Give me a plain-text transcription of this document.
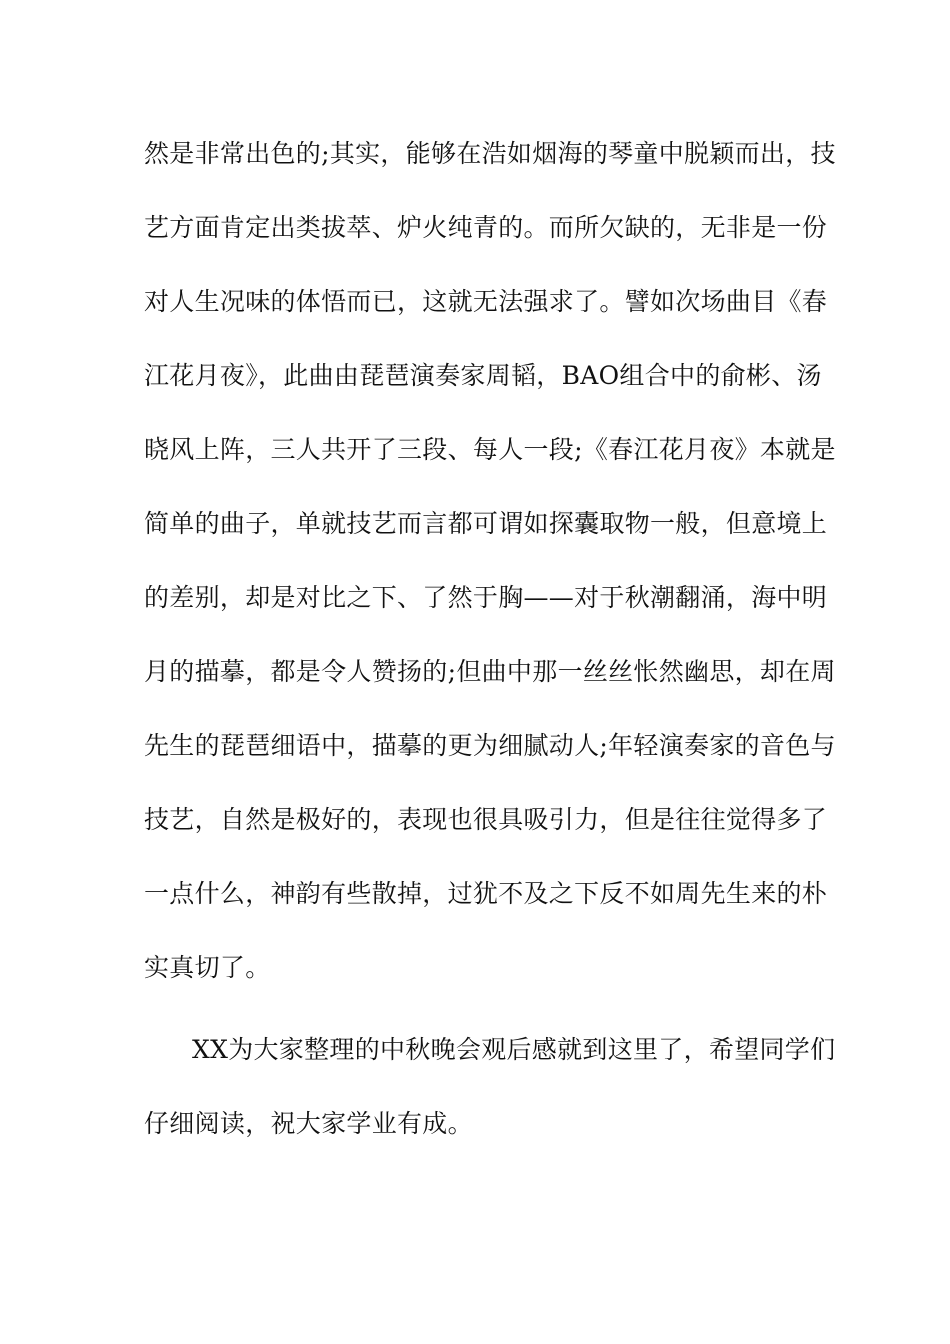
然是非常出色的;其实，能够在浩如烟海的琴童中脱颖而出，技
艺方面肯定出类拔萃、炉火纯青的。而所欠缺的，无非是一份
对人生况味的体悟而已，这就无法强求了。譬如次场曲目《春
江花月夜》，此曲由琵琶演奏家周韬，BAO组合中的俞彬、汤
晓风上阵，三人共开了三段、每人一段;《春江花月夜》本就是
简单的曲子，单就技艺而言都可谓如探囊取物一般，但意境上
的差别，却是对比之下、了然于胸——对于秋潮翻涌，海中明
月的描摹，都是令人赞扬的;但曲中那一丝丝怅然幽思，却在周
先生的琵琶细语中，描摹的更为细腻动人;年轻演奏家的音色与
技艺，自然是极好的，表现也很具吸引力，但是往往觉得多了
一点什么，神韵有些散掉，过犹不及之下反不如周先生来的朴
实真切了。
XX为大家整理的中秋晚会观后感就到这里了，希望同学们
仔细阅读，祝大家学业有成。
